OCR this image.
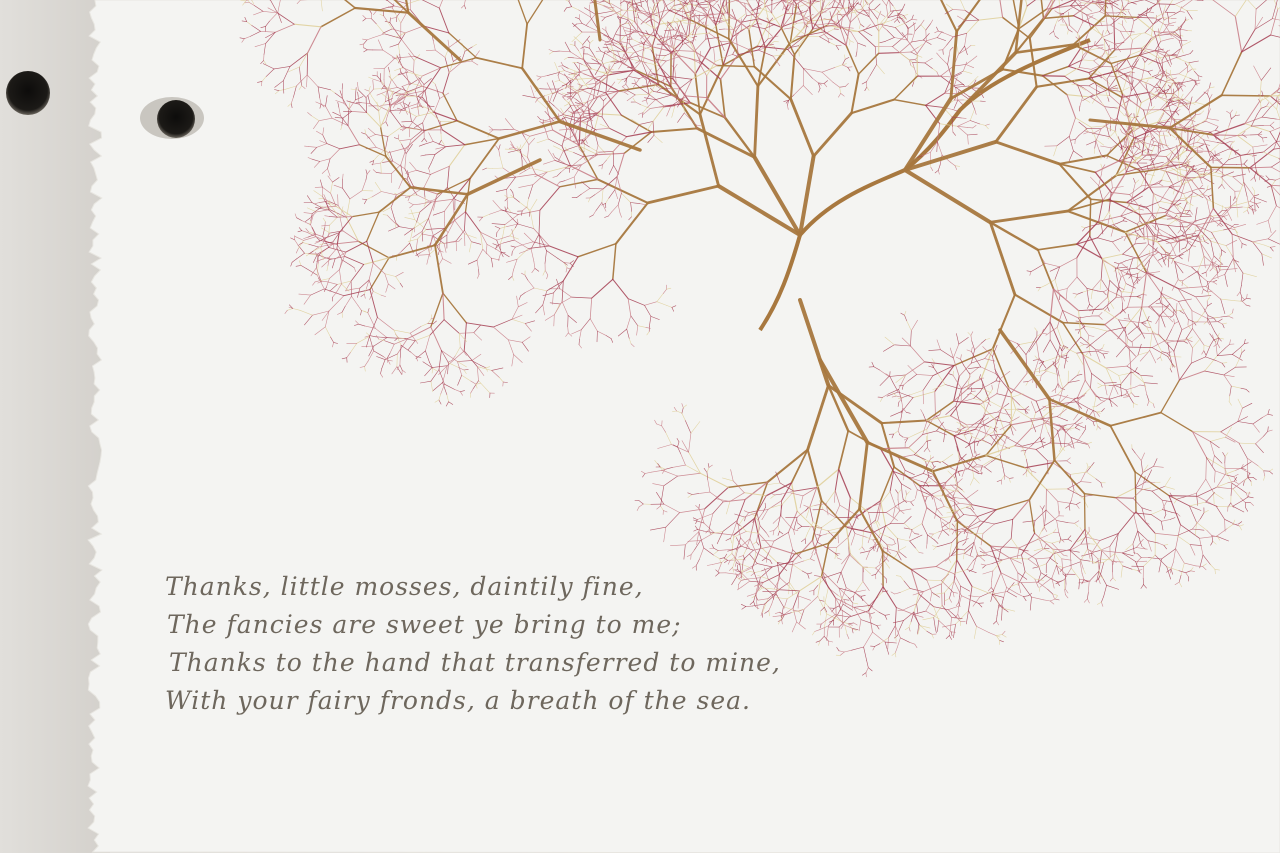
Thanks, little mosses, daintily fine,
The fancies are sweet ye bring to me;
Thanks to the hand that transferred to mine,
With your fairy fronds, a breath of the sea.
